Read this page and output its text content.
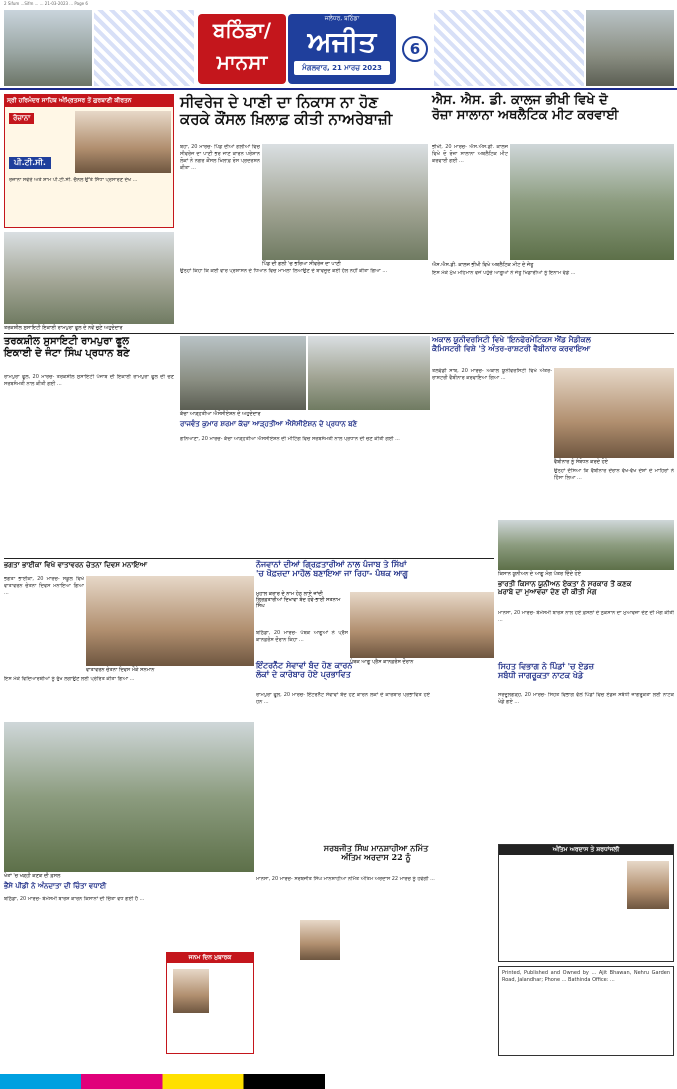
2 Sifum ...Sifm ... ... 21-03-2023 ... Page 6
ਬਠਿੰਡਾ/
ਮਾਨਸਾ
ਜਲੰਧਰ, ਬਠਿੰਡਾ
ਅਜੀਤ
ਮੰਗਲਵਾਰ, 21 ਮਾਰਚ 2023
6
ਸ੍ਰੀ ਹਰਿਮੰਦਰ ਸਾਹਿਬ ਅੰਮ੍ਰਿਤਸਰ ਤੋਂ ਗੁਰਬਾਣੀ ਕੀਰਤਨ
ਰੋਜ਼ਾਨਾ
ਪੀ.ਟੀ.ਸੀ.
ਰੋਜ਼ਾਨਾ ਸਵੇਰੇ ਅਤੇ ਸ਼ਾਮ ਪੀ.ਟੀ.ਸੀ. ਚੈਨਲ ਉੱਤੇ ਸਿੱਧਾ ਪ੍ਰਸਾਰਣ ਦੇਖੋ ...
ਸੀਵਰੇਜ ਦੇ ਪਾਣੀ ਦਾ ਨਿਕਾਸ ਨਾ ਹੋਣ
ਕਰਕੇ ਕੌਂਸਲ ਖ਼ਿਲਾਫ਼ ਕੀਤੀ ਨਾਅਰੇਬਾਜ਼ੀ
ਐਸ. ਐਸ. ਡੀ. ਕਾਲਜ ਭੀਖੀ ਵਿਖੇ ਦੋ
ਰੋਜ਼ਾ ਸਾਲਾਨਾ ਅਥਲੈਟਿਕ ਮੀਟ ਕਰਵਾਈ
ਬੋਹਾ, 20 ਮਾਰਚ- ਪਿੰਡ ਦੀਆਂ ਗਲੀਆਂ ਵਿਚ ਸੀਵਰੇਜ ਦਾ ਪਾਣੀ ਭਰ ਜਾਣ ਕਾਰਨ ਪਰੇਸ਼ਾਨ ਲੋਕਾਂ ਨੇ ਨਗਰ ਕੌਂਸਲ ਖ਼ਿਲਾਫ਼ ਰੋਸ ਪ੍ਰਦਰਸ਼ਨ ਕੀਤਾ ...
ਪਿੰਡ ਦੀ ਗਲੀ 'ਚ ਭਰਿਆ ਸੀਵਰੇਜ ਦਾ ਪਾਣੀ
ਉਨ੍ਹਾਂ ਕਿਹਾ ਕਿ ਕਈ ਵਾਰ ਪ੍ਰਸ਼ਾਸਨ ਦੇ ਧਿਆਨ ਵਿਚ ਮਾਮਲਾ ਲਿਆਉਣ ਦੇ ਬਾਵਜੂਦ ਕੋਈ ਹੱਲ ਨਹੀਂ ਕੀਤਾ ਗਿਆ ...
ਭੀਖੀ, 20 ਮਾਰਚ- ਐਸ.ਐਸ.ਡੀ. ਕਾਲਜ ਵਿਖੇ ਦੋ ਰੋਜ਼ਾ ਸਾਲਾਨਾ ਅਥਲੈਟਿਕ ਮੀਟ ਕਰਵਾਈ ਗਈ ...
ਐਸ.ਐਸ.ਡੀ. ਕਾਲਜ ਭੀਖੀ ਵਿਖੇ ਅਥਲੈਟਿਕ ਮੀਟ ਦੇ ਜੇਤੂ
ਇਸ ਮੌਕੇ ਮੁੱਖ ਮਹਿਮਾਨ ਵਜੋਂ ਪਹੁੰਚੇ ਆਗੂਆਂ ਨੇ ਜੇਤੂ ਖਿਡਾਰੀਆਂ ਨੂੰ ਇਨਾਮ ਵੰਡੇ ...
ਤਰਕਸ਼ੀਲ ਸੁਸਾਇਟੀ ਇਕਾਈ ਰਾਮਪੁਰਾ ਫੂਲ ਦੇ ਨਵੇਂ ਚੁਣੇ ਅਹੁਦੇਦਾਰ
ਤਰਕਸ਼ੀਲ ਸੁਸਾਇਟੀ ਰਾਮਪੁਰਾ ਫੂਲ
ਇਕਾਈ ਦੇ ਜੰਟਾ ਸਿੰਘ ਪ੍ਰਧਾਨ ਬਣੇ
ਰਾਮਪੁਰਾ ਫੂਲ, 20 ਮਾਰਚ- ਤਰਕਸ਼ੀਲ ਸੁਸਾਇਟੀ ਪੰਜਾਬ ਦੀ ਇਕਾਈ ਰਾਮਪੁਰਾ ਫੂਲ ਦੀ ਚੋਣ ਸਰਬਸੰਮਤੀ ਨਾਲ ਕੀਤੀ ਗਈ ...
ਕੱਚਾ ਆੜ੍ਹਤੀਆ ਐਸੋਸੀਏਸ਼ਨ ਦੇ ਅਹੁਦੇਦਾਰ
ਰਾਜਵੰਤ ਕੁਮਾਰ ਸ਼ਰਮਾ ਕੱਚਾ ਆੜ੍ਹਤੀਆ ਐਸੋਸੀਏਸ਼ਨ ਦੇ ਪ੍ਰਧਾਨ ਬਣੇ
ਗੋਨਿਆਣਾ, 20 ਮਾਰਚ- ਕੱਚਾ ਆੜ੍ਹਤੀਆ ਐਸੋਸੀਏਸ਼ਨ ਦੀ ਮੀਟਿੰਗ ਵਿਚ ਸਰਬਸੰਮਤੀ ਨਾਲ ਪ੍ਰਧਾਨ ਦੀ ਚੋਣ ਕੀਤੀ ਗਈ ...
ਅਕਾਲ ਯੂਨੀਵਰਸਿਟੀ ਵਿਖੇ 'ਇਨਫੋਰਮੇਟਿਕਸ ਐਂਡ ਮੈਡੀਕਲ
ਕੈਮਿਸਟਰੀ ਵਿਸ਼ੇ 'ਤੇ ਅੰਤਰ-ਰਾਸ਼ਟਰੀ ਵੈਬੀਨਾਰ ਕਰਵਾਇਆ
ਤਲਵੰਡੀ ਸਾਬੋ, 20 ਮਾਰਚ- ਅਕਾਲ ਯੂਨੀਵਰਸਿਟੀ ਵਿਖੇ ਅੰਤਰ-ਰਾਸ਼ਟਰੀ ਵੈਬੀਨਾਰ ਕਰਵਾਇਆ ਗਿਆ ...
ਵੈਬੀਨਾਰ ਨੂੰ ਸੰਬੋਧਨ ਕਰਦੇ ਹੋਏ
ਉਨ੍ਹਾਂ ਦੱਸਿਆ ਕਿ ਵੈਬੀਨਾਰ ਦੌਰਾਨ ਵੱਖ-ਵੱਖ ਦੇਸ਼ਾਂ ਦੇ ਮਾਹਿਰਾਂ ਨੇ ਹਿੱਸਾ ਲਿਆ ...
ਕਿਸਾਨ ਯੂਨੀਅਨ ਦੇ ਆਗੂ ਮੰਗ ਪੱਤਰ ਦਿੰਦੇ ਹੋਏ
ਭਾਰਤੀ ਕਿਸਾਨ ਯੂਨੀਅਨ ਏਕਤਾ ਨੇ ਸਰਕਾਰ ਤੋਂ ਕਣਕ
ਖ਼ਰਾਬੇ ਦਾ ਮੁਆਵਜ਼ਾ ਦੇਣ ਦੀ ਕੀਤੀ ਮੰਗ
ਮਾਨਸਾ, 20 ਮਾਰਚ- ਬੇਮੌਸਮੀ ਬਾਰਸ਼ ਨਾਲ ਹੋਏ ਫ਼ਸਲਾਂ ਦੇ ਨੁਕਸਾਨ ਦਾ ਮੁਆਵਜ਼ਾ ਦੇਣ ਦੀ ਮੰਗ ਕੀਤੀ ...
ਭਗਤਾ ਭਾਈਕਾ ਵਿਖੇ ਵਾਤਾਵਰਨ ਚੇਤਨਾ ਦਿਵਸ ਮਨਾਇਆ
ਭਗਤਾ ਭਾਈਕਾ, 20 ਮਾਰਚ- ਸਕੂਲ ਵਿਖੇ ਵਾਤਾਵਰਨ ਚੇਤਨਾ ਦਿਵਸ ਮਨਾਇਆ ਗਿਆ ...
ਵਾਤਾਵਰਨ ਚੇਤਨਾ ਦਿਵਸ ਮੌਕੇ ਸਨਮਾਨ
ਇਸ ਮੌਕੇ ਵਿਦਿਆਰਥੀਆਂ ਨੂੰ ਰੁੱਖ ਲਗਾਉਣ ਲਈ ਪ੍ਰੇਰਿਤ ਕੀਤਾ ਗਿਆ ...
ਇੰਟਰਨੈੱਟ ਸੇਵਾਵਾਂ ਬੰਦ ਹੋਣ ਕਾਰਨ
ਲੋਕਾਂ ਦੇ ਕਾਰੋਬਾਰ ਹੋਏ ਪ੍ਰਭਾਵਿਤ
ਰਾਮਪੁਰਾ ਫੂਲ, 20 ਮਾਰਚ- ਇੰਟਰਨੈੱਟ ਸੇਵਾਵਾਂ ਬੰਦ ਹੋਣ ਕਾਰਨ ਲੋਕਾਂ ਦੇ ਕਾਰੋਬਾਰ ਪ੍ਰਭਾਵਿਤ ਹੋਏ ਹਨ ...
ਨੌਜਵਾਨਾਂ ਦੀਆਂ ਗ੍ਰਿਫ਼ਤਾਰੀਆਂ ਨਾਲ ਪੰਜਾਬ ਤੇ ਸਿੱਖਾਂ
'ਚ ਖੌਫ਼ਜ਼ਦਾ ਮਾਹੌਲ ਬਣਾਇਆ ਜਾ ਰਿਹਾ- ਪੰਥਕ ਆਗੂ
ਮੁਹਾਲ ਕਰਾਰ ਦੇ ਨਾਮ ਹੇਠ ਲਾਏ ਜਾਂਦੀ ਗ੍ਰਿਫ਼ਤਾਰੀਆਂ ਦਿਖਾਵਾ ਬੰਦ ਹੋਵੇ-ਭਾਈ ਸਤਨਾਮ ਸਿੰਘ
ਬਠਿੰਡਾ, 20 ਮਾਰਚ- ਪੰਥਕ ਆਗੂਆਂ ਨੇ ਪ੍ਰੈਸ ਕਾਨਫ਼ਰੰਸ ਦੌਰਾਨ ਕਿਹਾ ...
ਪੰਥਕ ਆਗੂ ਪ੍ਰੈਸ ਕਾਨਫ਼ਰੰਸ ਦੌਰਾਨ	ਸਿਹਤ ਵਿਭਾਗ ਨੇ ਪਿੰਡਾਂ 'ਚ ਏਡਜ਼
ਸਬੰਧੀ ਜਾਗਰੂਕਤਾ ਨਾਟਕ ਖੇਡੇ
ਸਰਦੂਲਗੜ੍ਹ, 20 ਮਾਰਚ- ਸਿਹਤ ਵਿਭਾਗ ਵੱਲੋਂ ਪਿੰਡਾਂ ਵਿਚ ਏਡਜ਼ ਸਬੰਧੀ ਜਾਗਰੂਕਤਾ ਲਈ ਨਾਟਕ ਖੇਡੇ ਗਏ ...
ਖੇਤਾਂ 'ਚ ਖੜ੍ਹੀ ਕਣਕ ਦੀ ਫ਼ਸਲ
ਭੈਂਸੇ ਪੀਂਡੀ ਨੇ ਅੰਨਦਾਤਾ ਦੀ ਚਿੰਤਾ ਵਧਾਈ
ਬਠਿੰਡਾ, 20 ਮਾਰਚ- ਬੇਮੌਸਮੀ ਬਾਰਸ਼ ਕਾਰਨ ਕਿਸਾਨਾਂ ਦੀ ਚਿੰਤਾ ਵਧ ਗਈ ਹੈ ...
ਜਨਮ ਦਿਨ ਮੁਬਾਰਕ
ਸਰਬਜੀਤ ਸਿੰਘ ਮਾਨਸ਼ਾਹੀਆ ਨਮਿੱਤ
ਅੰਤਿਮ ਅਰਦਾਸ 22 ਨੂੰ
ਮਾਨਸਾ, 20 ਮਾਰਚ- ਸਰਬਜੀਤ ਸਿੰਘ ਮਾਨਸ਼ਾਹੀਆ ਨਮਿੱਤ ਅੰਤਿਮ ਅਰਦਾਸ 22 ਮਾਰਚ ਨੂੰ ਹੋਵੇਗੀ ...
ਅੰਤਿਮ ਅਰਦਾਸ ਤੇ ਸ਼ਰਧਾਂਜਲੀ
Printed, Published and Owned by ... Ajit Bhawan, Nehru Garden Road, Jalandhar; Phone ... Bathinda Office: ...
